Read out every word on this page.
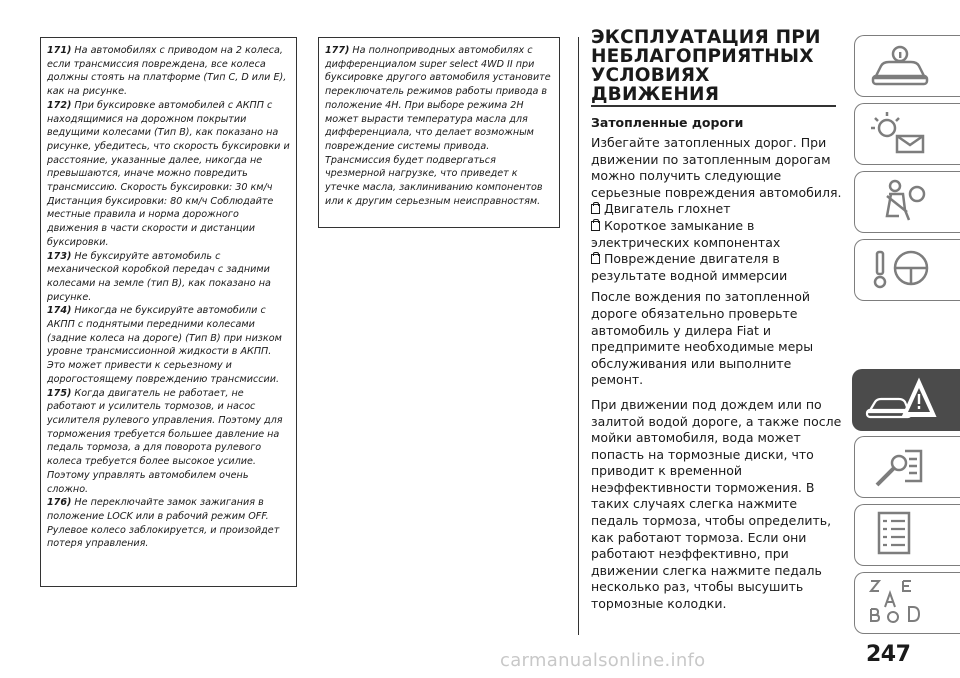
171) На автомобилях с приводом на 2 колеса, если трансмиссия повреждена, все колеса должны стоять на платформе (Тип C, D или E), как на рисунке.

172) При буксировке автомобилей с АКПП с находящимися на дорожном покрытии ведущими колесами (Тип B), как показано на рисунке, убедитесь, что скорость буксировки и расстояние, указанные далее, никогда не превышаются, иначе можно повредить трансмиссию. Скорость буксировки: 30 км/ч Дистанция буксировки: 80 км/ч Соблюдайте местные правила и норма дорожного движения в части скорости и дистанции буксировки.

173) Не буксируйте автомобиль с механической коробкой передач с задними колесами на земле (тип B), как показано на рисунке.

174) Никогда не буксируйте автомобили с АКПП с поднятыми передними колесами (задние колеса на дороге) (Тип B) при низком уровне трансмиссионной жидкости в АКПП. Это может привести к серьезному и дорогостоящему повреждению трансмиссии.

175) Когда двигатель не работает, не работают и усилитель тормозов, и насос усилителя рулевого управления. Поэтому для торможения требуется большее давление на педаль тормоза, а для поворота рулевого колеса требуется более высокое усилие. Поэтому управлять автомобилем очень сложно.

176) Не переключайте замок зажигания в положение LOCK или в рабочий режим OFF. Рулевое колесо заблокируется, и произойдет потеря управления.

177) На полноприводных автомобилях с дифференциалом super select 4WD II при буксировке другого автомобиля установите переключатель режимов работы привода в положение 4H. При выборе режима 2H может вырасти температура масла для дифференциала, что делает возможным повреждение системы привода. Трансмиссия будет подвергаться чрезмерной нагрузке, что приведет к утечке масла, заклиниванию компонентов или к другим серьезным неисправностям.

ЭКСПЛУАТАЦИЯ ПРИ
НЕБЛАГОПРИЯТНЫХ
УСЛОВИЯХ ДВИЖЕНИЯ
Затопленные дороги

Избегайте затопленных дорог. При движении по затопленным дорогам можно получить следующие серьезные повреждения автомобиля.

Двигатель глохнет
Короткое замыкание в электрических компонентах
Повреждение двигателя в результате водной иммерсии

После вождения по затопленной дороге обязательно проверьте автомобиль у дилера Fiat и предпримите необходимые меры обслуживания или выполните ремонт.

При движении под дождем или по залитой водой дороге, а также после мойки автомобиля, вода может попасть на тормозные диски, что приводит к временной неэффективности торможения. В таких случаях слегка нажмите педаль тормоза, чтобы определить, как работают тормоза. Если они работают неэффективно, при движении слегка нажмите педаль несколько раз, чтобы высушить тормозные колодки.

247
carmanualsonline.info
